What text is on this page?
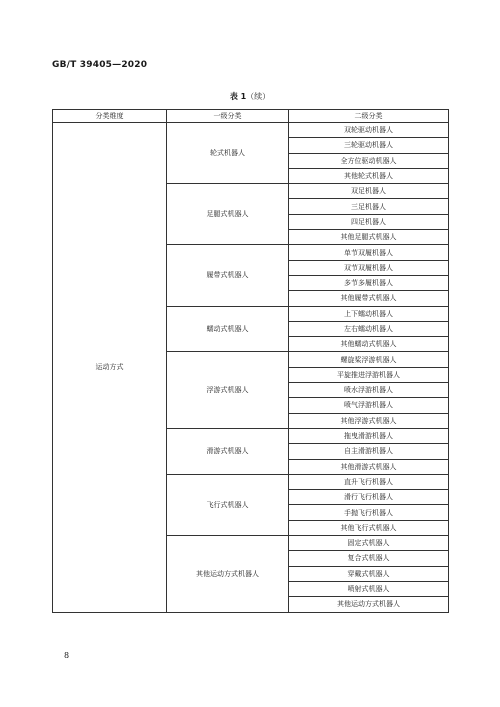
GB/T 39405—2020
表 1（续）
分类维度	一级分类	二级分类
运动方式	轮式机器人	双轮驱动机器人
		三轮驱动机器人
		全方位驱动机器人
		其他轮式机器人
	足腿式机器人	双足机器人
		三足机器人
		四足机器人
		其他足腿式机器人
	履带式机器人	单节双履机器人
		双节双履机器人
		多节多履机器人
		其他履带式机器人
	蠕动式机器人	上下蠕动机器人
		左右蠕动机器人
		其他蠕动式机器人
	浮游式机器人	螺旋桨浮游机器人
		平旋推进浮游机器人
		喷水浮游机器人
		喷气浮游机器人
		其他浮游式机器人
	滑游式机器人	拖曳滑游机器人
		自主滑游机器人
		其他滑游式机器人
	飞行式机器人	直升飞行机器人
		滑行飞行机器人
		手抛飞行机器人
		其他飞行式机器人
	其他运动方式机器人	固定式机器人
		复合式机器人
		穿戴式机器人
		喷射式机器人
		其他运动方式机器人
8
